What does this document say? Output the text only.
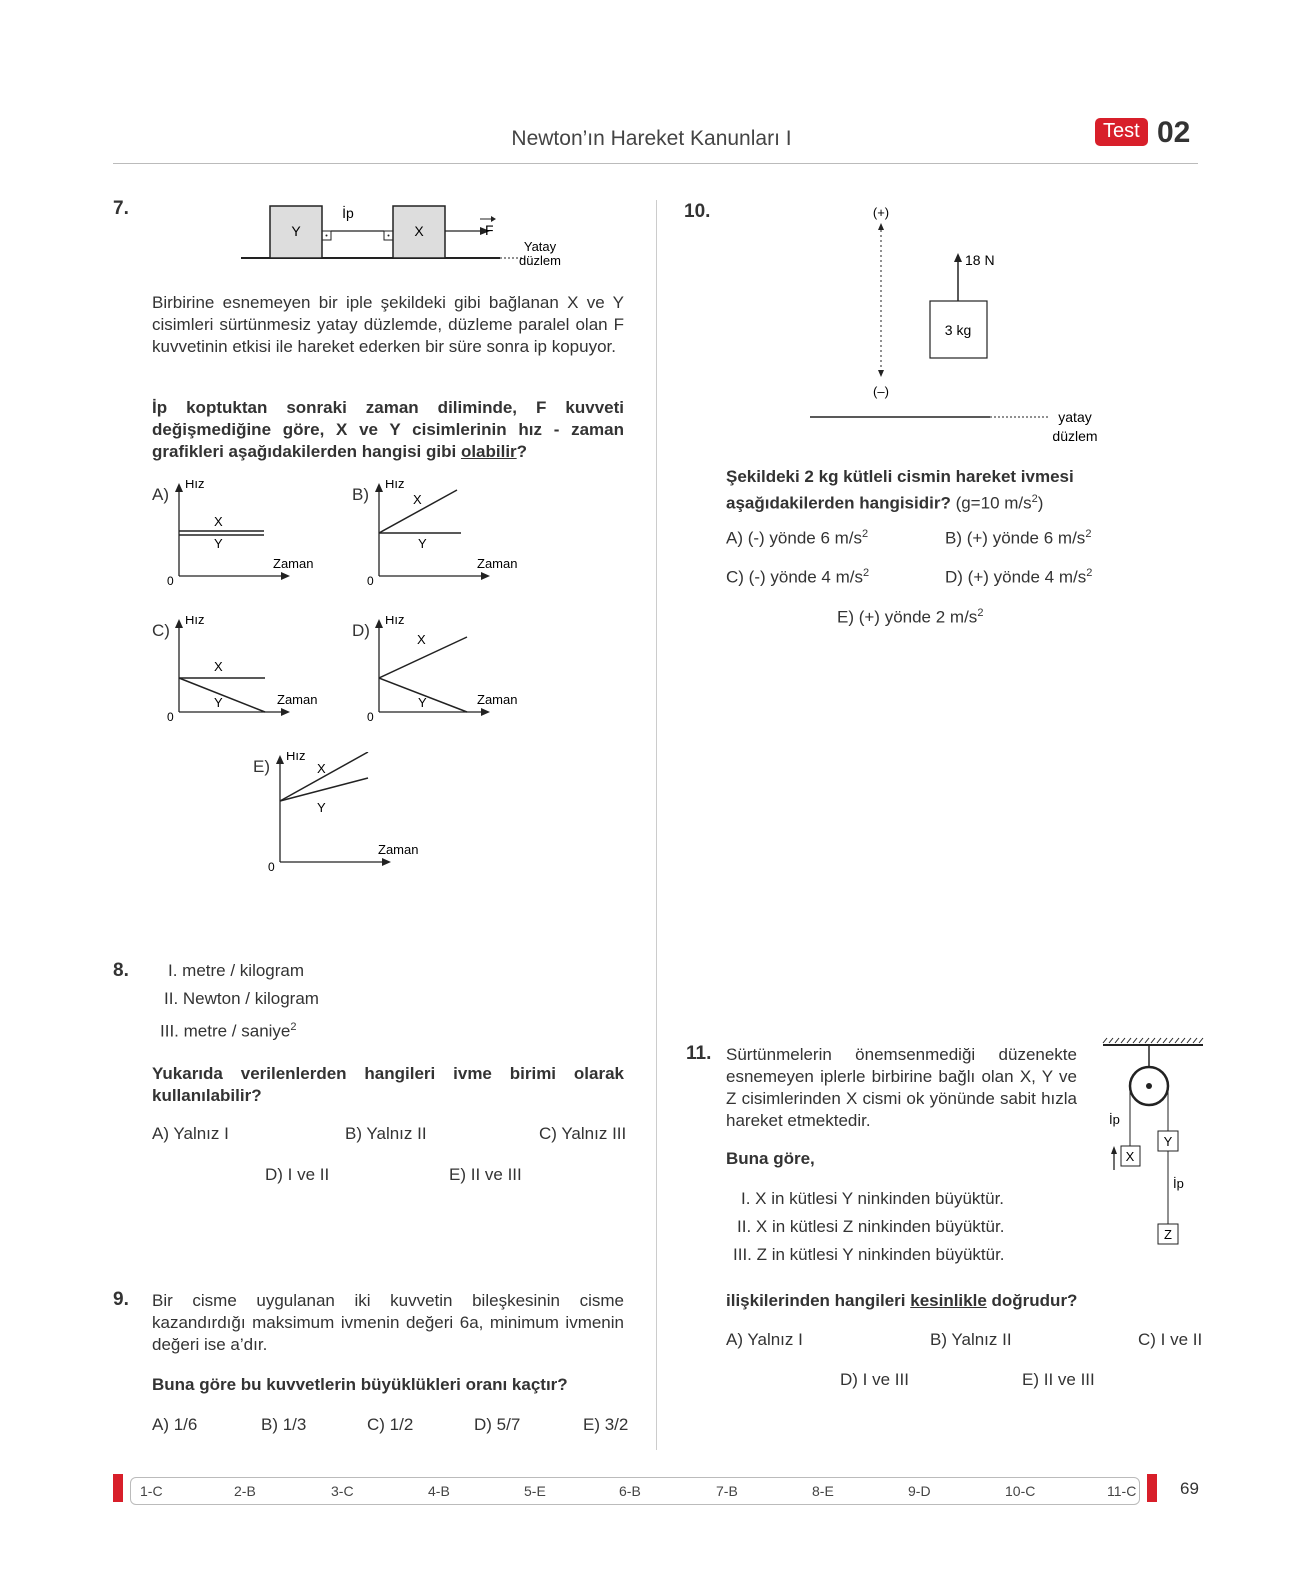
Newton’ın Hareket Kanunları I	Test 02
7.
Y	X
İp
F
Yatay
düzlem
Birbirine esnemeyen bir iple şekildeki gibi bağlanan X ve Y cisimleri sürtünmesiz yatay düzlemde, düzleme paralel olan F kuvvetinin etkisi ile hareket ederken bir süre sonra ip kopuyor.
İp koptuktan sonraki zaman diliminde, F kuvveti değişmediğine göre, X ve Y cisimlerinin hız - zaman grafikleri aşağıdakilerden hangisi gibi olabilir?
A)
Hız
Zaman
0
X
Y
B)
Hız
Zaman
0
X
Y
C)
Hız
Zaman
0
X
Y
D)
Hız
Zaman
0
X
Y
E)
Hız
Zaman
0
X
Y
8. I. metre / kilogram
II. Newton / kilogram
III. metre / saniye$^2$
Yukarıda verilenlerden hangileri ivme birimi olarak kullanılabilir?
A) Yalnız I	B) Yalnız II	C) Yalnız III
D) I ve II	E) II ve III
9. Bir cisme uygulanan iki kuvvetin bileşkesinin cisme kazandırdığı maksimum ivmenin değeri 6a, minimum ivmenin değeri ise a’dır.
Buna göre bu kuvvetlerin büyüklükleri oranı kaçtır?
A) 1/6	B) 1/3	C) 1/2	D) 5/7	E) 3/2
10.	(+)
(–)
3 kg
18 N
yatay
düzlem
Şekildeki 2 kg kütleli cismin hareket ivmesi aşağıdakilerden hangisidir? (g=10 $m/s^2$)
A) (-) yönde 6 $m/s^2$	B) (+) yönde 6 $m/s^2$
C) (-) yönde 4 $m/s^2$	D) (+) yönde 4 $m/s^2$
E) (+) yönde 2 $m/s^2$
11. Sürtünmelerin önemsenmediği düzenekte esnemeyen iplerle birbirine bağlı olan X, Y ve Z cisimlerinden X cismi ok yönünde sabit hızla hareket etmektedir.
X
Y
Z
İp
İp
Buna göre,
I. X in kütlesi Y ninkinden büyüktür.
II. X in kütlesi Z ninkinden büyüktür.
III. Z in kütlesi Y ninkinden büyüktür.
ilişkilerinden hangileri kesinlikle doğrudur?
A) Yalnız I	B) Yalnız II	C) I ve II
D) I ve III	E) II ve III
1-C	2-B	3-C	4-B	5-E	6-B	7-B	8-E	9-D	10-C	11-C	69
